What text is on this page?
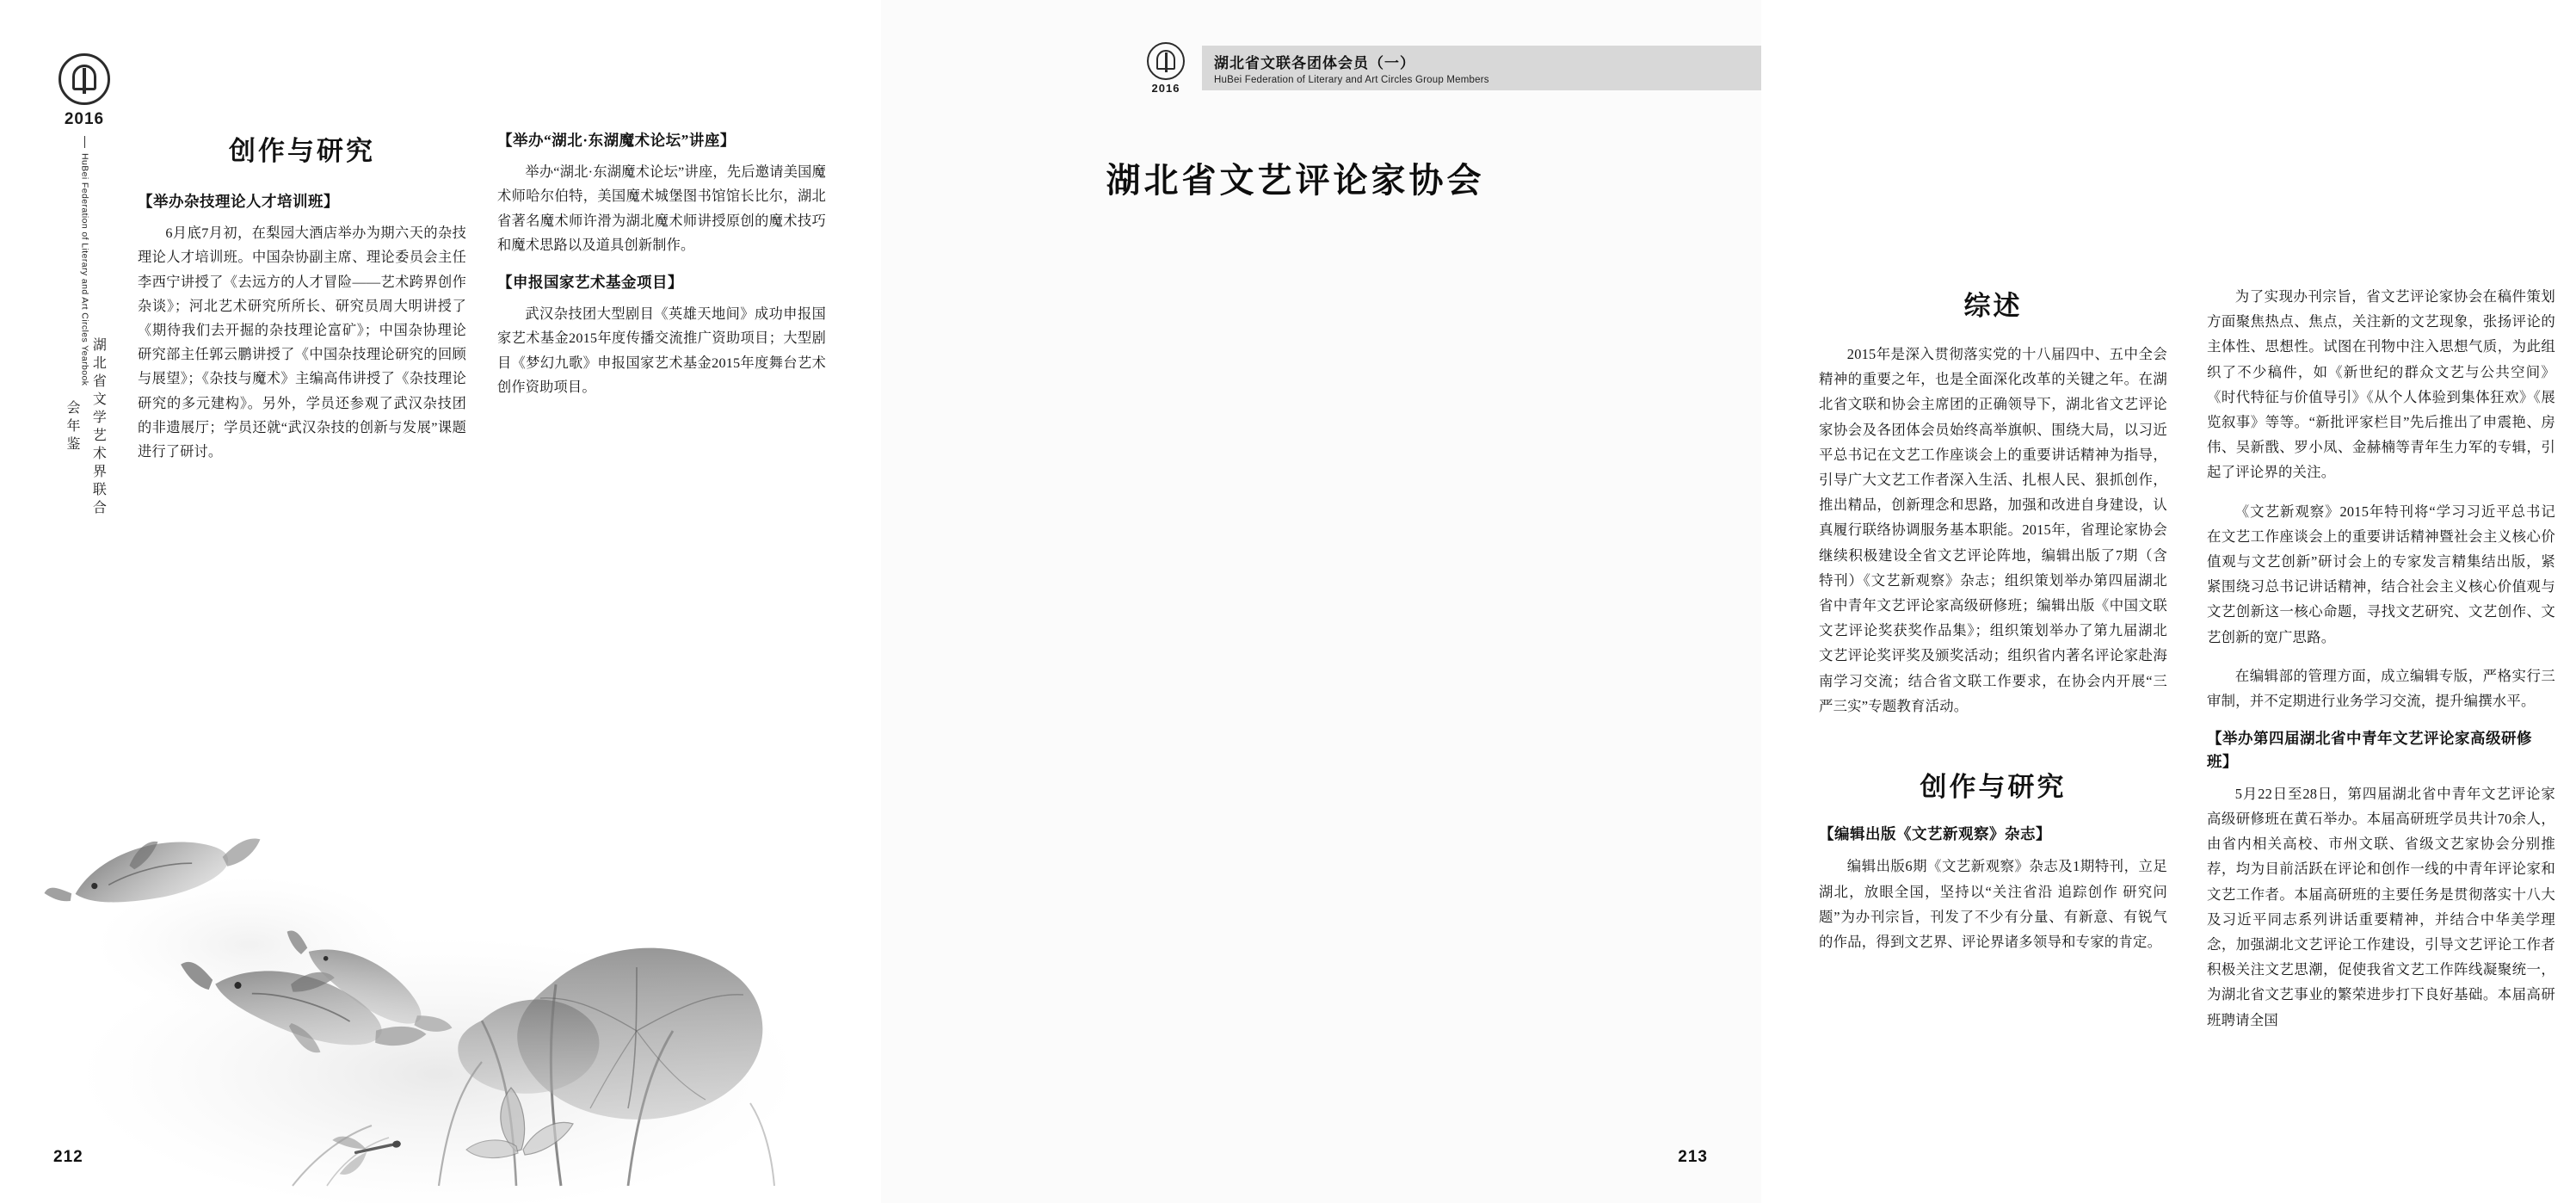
2016
HuBei Federation of Literary and Art Circles Yearbook
湖北省文学艺术界联合会年鉴
创作与研究
【举办杂技理论人才培训班】

6月底7月初，在梨园大酒店举办为期六天的杂技理论人才培训班。中国杂协副主席、理论委员会主任李西宁讲授了《去远方的人才冒险——艺术跨界创作杂谈》；河北艺术研究所所长、研究员周大明讲授了《期待我们去开掘的杂技理论富矿》；中国杂协理论研究部主任郭云鹏讲授了《中国杂技理论研究的回顾与展望》；《杂技与魔术》主编高伟讲授了《杂技理论研究的多元建构》。另外，学员还参观了武汉杂技团的非遗展厅；学员还就“武汉杂技的创新与发展”课题进行了研讨。

【举办“湖北·东湖魔术论坛”讲座】

举办“湖北·东湖魔术论坛”讲座，先后邀请美国魔术师哈尔伯特，美国魔术城堡图书馆馆长比尔，湖北省著名魔术师许滑为湖北魔术师讲授原创的魔术技巧和魔术思路以及道具创新制作。

【申报国家艺术基金项目】

武汉杂技团大型剧目《英雄天地间》成功申报国家艺术基金2015年度传播交流推广资助项目；大型剧目《梦幻九歌》申报国家艺术基金2015年度舞台艺术创作资助项目。

212
2016
湖北省文联各团体会员（一）
HuBei Federation of Literary and Art Circles Group Members
湖北省文艺评论家协会
综述

2015年是深入贯彻落实党的十八届四中、五中全会精神的重要之年，也是全面深化改革的关键之年。在湖北省文联和协会主席团的正确领导下，湖北省文艺评论家协会及各团体会员始终高举旗帜、围绕大局，以习近平总书记在文艺工作座谈会上的重要讲话精神为指导，引导广大文艺工作者深入生活、扎根人民、狠抓创作，推出精品，创新理念和思路，加强和改进自身建设，认真履行联络协调服务基本职能。2015年，省理论家协会继续积极建设全省文艺评论阵地，编辑出版了7期（含特刊）《文艺新观察》杂志；组织策划举办第四届湖北省中青年文艺评论家高级研修班；编辑出版《中国文联文艺评论奖获奖作品集》；组织策划举办了第九届湖北文艺评论奖评奖及颁奖活动；组织省内著名评论家赴海南学习交流；结合省文联工作要求，在协会内开展“三严三实”专题教育活动。

创作与研究
【编辑出版《文艺新观察》杂志】

编辑出版6期《文艺新观察》杂志及1期特刊，立足湖北，放眼全国，坚持以“关注省沿 追踪创作 研究问题”为办刊宗旨，刊发了不少有分量、有新意、有锐气的作品，得到文艺界、评论界诸多领导和专家的肯定。

为了实现办刊宗旨，省文艺评论家协会在稿件策划方面聚焦热点、焦点，关注新的文艺现象，张扬评论的主体性、思想性。试图在刊物中注入思想气质，为此组织了不少稿件，如《新世纪的群众文艺与公共空间》《时代特征与价值导引》《从个人体验到集体狂欢》《展览叙事》等等。“新批评家栏目”先后推出了申震艳、房伟、吴新戬、罗小凤、金赫楠等青年生力军的专辑，引起了评论界的关注。

《文艺新观察》2015年特刊将“学习习近平总书记在文艺工作座谈会上的重要讲话精神暨社会主义核心价值观与文艺创新”研讨会上的专家发言精集结出版，紧紧围绕习总书记讲话精神，结合社会主义核心价值观与文艺创新这一核心命题，寻找文艺研究、文艺创作、文艺创新的宽广思路。

在编辑部的管理方面，成立编辑专版，严格实行三审制，并不定期进行业务学习交流，提升编撰水平。

【举办第四届湖北省中青年文艺评论家高级研修班】

5月22日至28日，第四届湖北省中青年文艺评论家高级研修班在黄石举办。本届高研班学员共计70余人，由省内相关高校、市州文联、省级文艺家协会分别推荐，均为目前活跃在评论和创作一线的中青年评论家和文艺工作者。本届高研班的主要任务是贯彻落实十八大及习近平同志系列讲话重要精神，并结合中华美学理念，加强湖北文艺评论工作建设，引导文艺评论工作者积极关注文艺思潮，促使我省文艺工作阵线凝聚统一，为湖北省文艺事业的繁荣进步打下良好基础。本届高研班聘请全国

213
